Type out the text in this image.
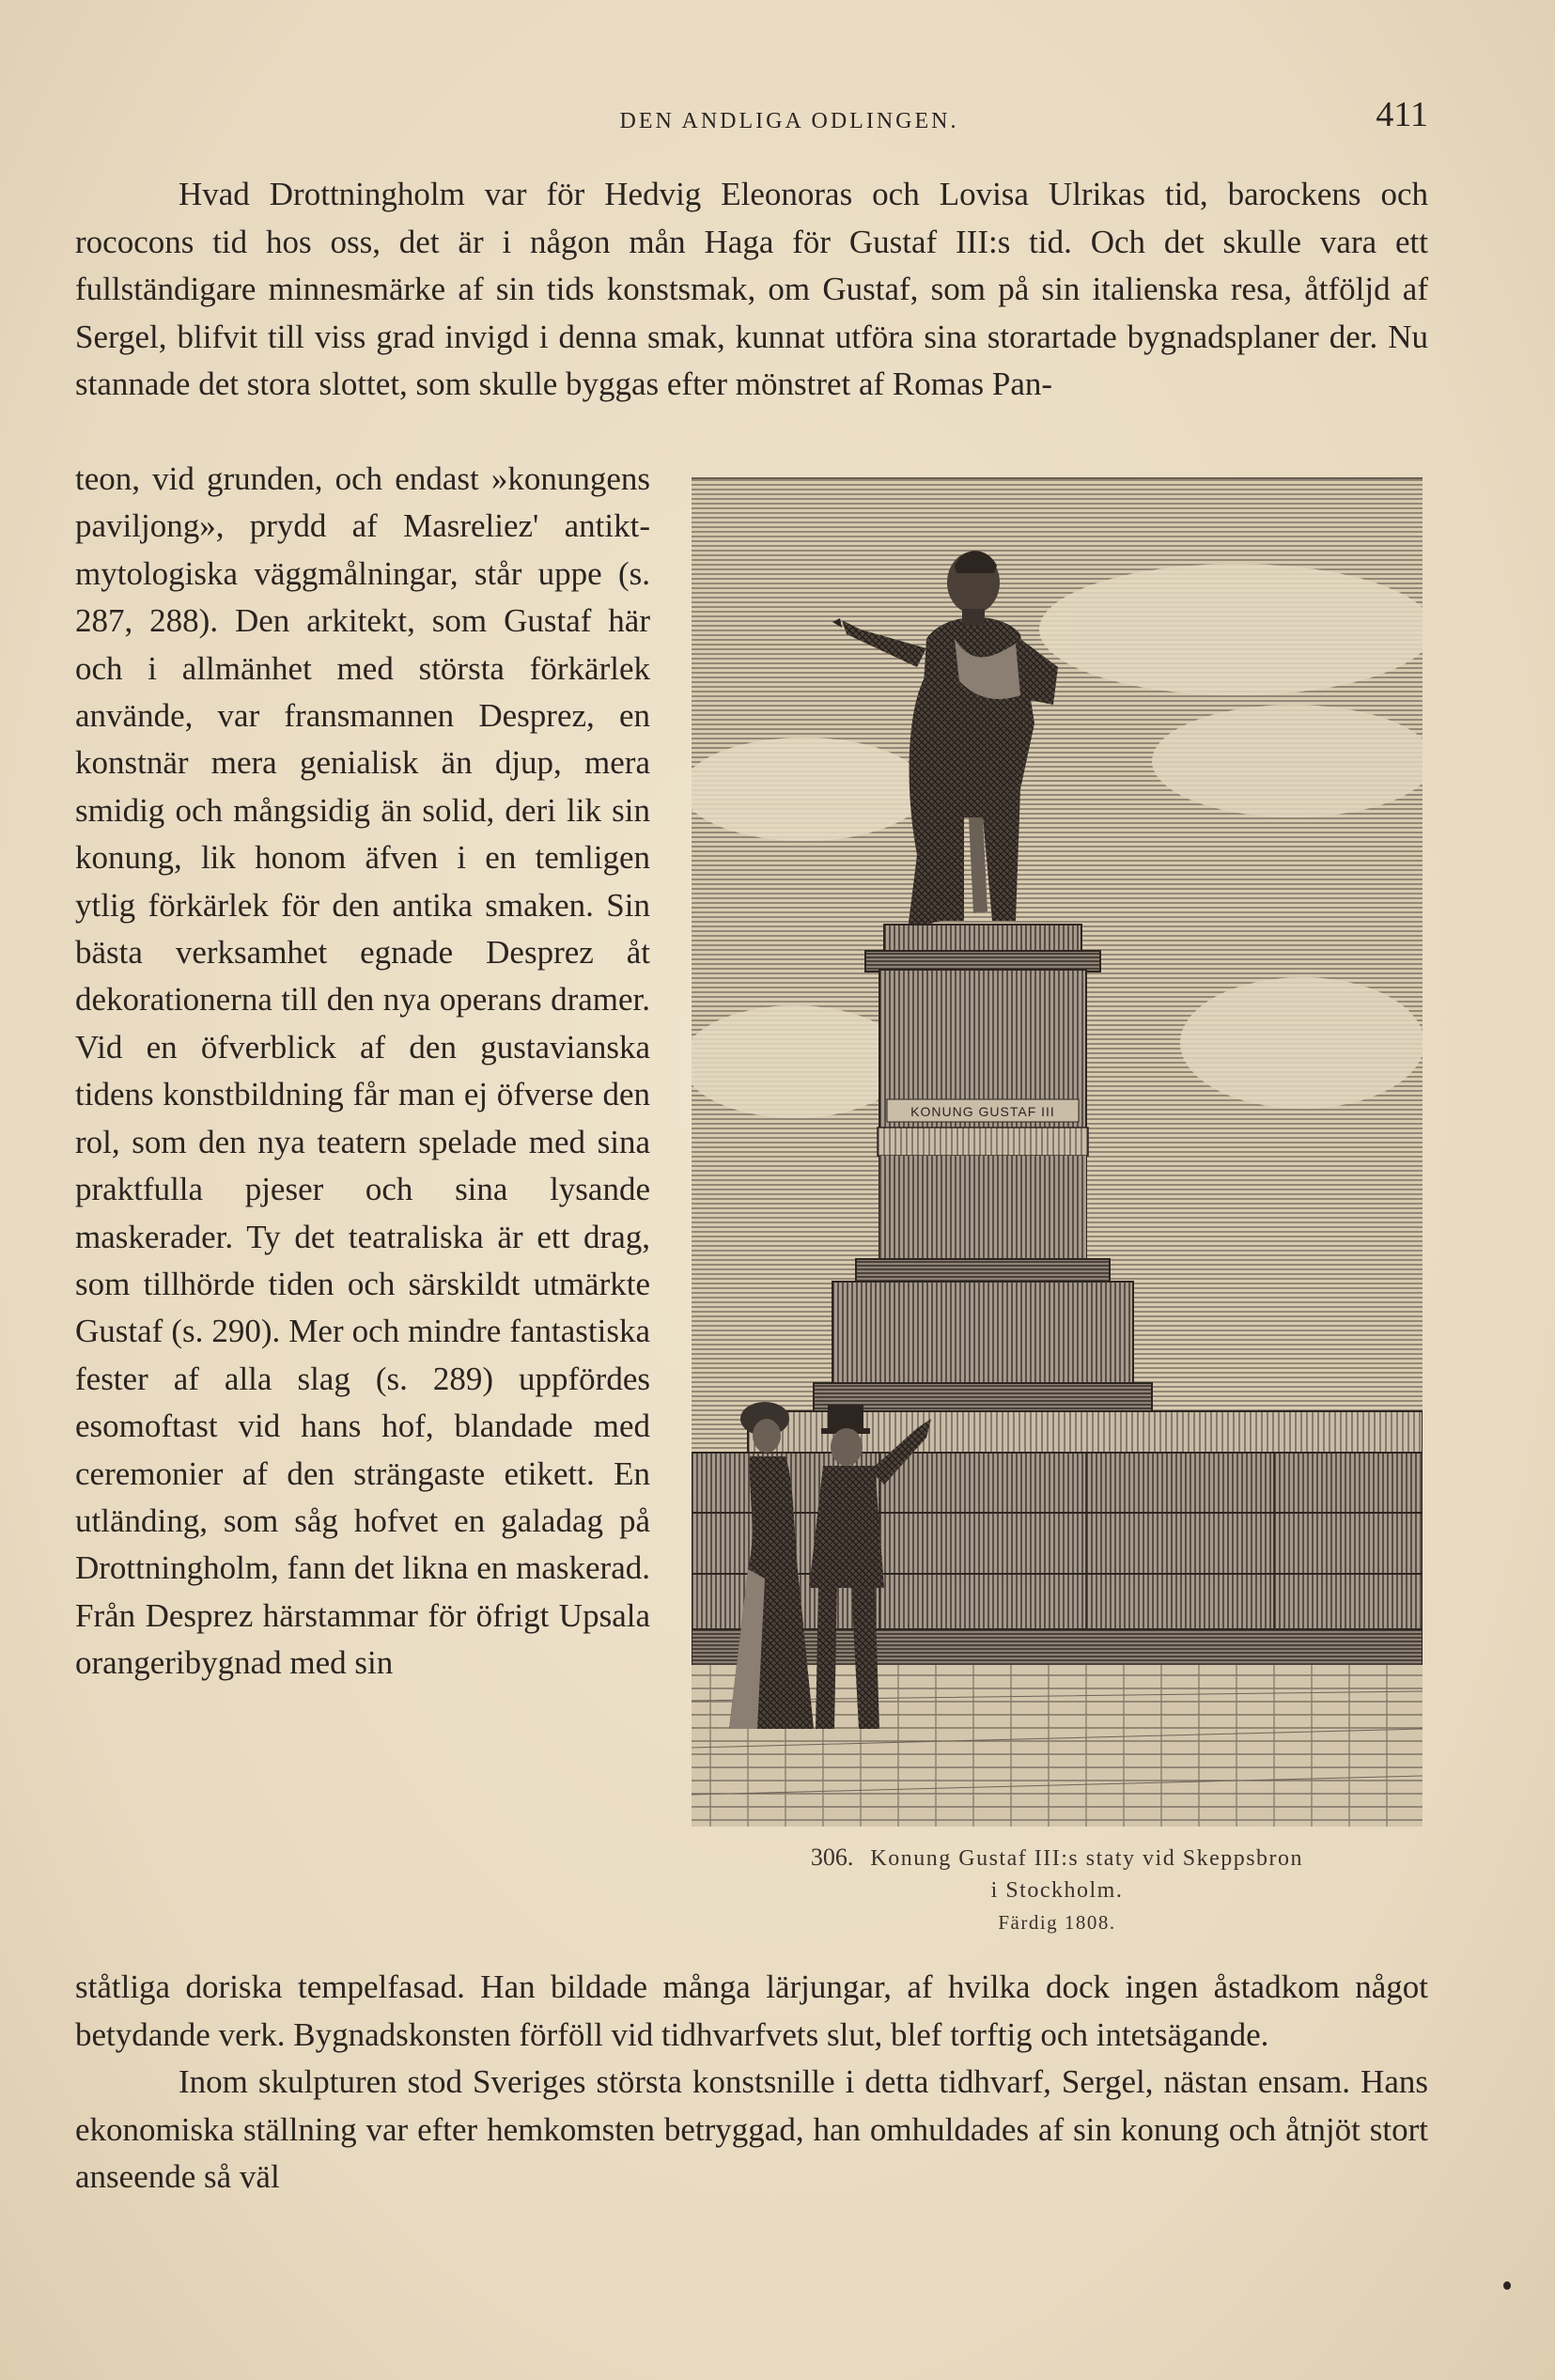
DEN ANDLIGA ODLINGEN.	411

Hvad Drottningholm var för Hedvig Eleonoras och Lovisa Ulrikas tid, barockens och rococons tid hos oss, det är i någon mån Haga för Gustaf III:s tid. Och det skulle vara ett fullständigare minnesmärke af sin tids konstsmak, om Gustaf, som på sin italienska resa, åtföljd af Sergel, blifvit till viss grad invigd i denna smak, kunnat utföra sina storartade bygnadsplaner der. Nu stannade det stora slottet, som skulle byggas efter mönstret af Romas Pan-

teon, vid grunden, och endast »konungens paviljong», prydd af Masreliez' antikt-mytologiska väggmålningar, står uppe (s. 287, 288). Den arkitekt, som Gustaf här och i allmänhet med största förkärlek använde, var fransmannen Desprez, en konstnär mera genialisk än djup, mera smidig och mångsidig än solid, deri lik sin konung, lik honom äfven i en temligen ytlig förkärlek för den antika smaken. Sin bästa verksamhet egnade Desprez åt dekorationerna till den nya operans dramer. Vid en öfverblick af den gustavianska tidens konstbildning får man ej öfverse den rol, som den nya teatern spelade med sina praktfulla pjeser och sina lysande maskerader. Ty det teatraliska är ett drag, som tillhörde tiden och särskildt utmärkte Gustaf (s. 290). Mer och mindre fantastiska fester af alla slag (s. 289) uppfördes esomoftast vid hans hof, blandade med ceremonier af den strängaste etikett. En utländing, som såg hofvet en galadag på Drottningholm, fann det likna en maskerad. Från Desprez härstammar för öfrigt Upsala orangeribygnad med sin

KONUNG GUSTAF III
306. Konung Gustaf III:s staty vid Skeppsbron
i Stockholm.
Färdig 1808.

ståtliga doriska tempelfasad. Han bildade många lärjungar, af hvilka dock ingen åstadkom något betydande verk. Bygnadskonsten förföll vid tidhvarfvets slut, blef torftig och intetsägande.

Inom skulpturen stod Sveriges största konstsnille i detta tidhvarf, Sergel, nästan ensam. Hans ekonomiska ställning var efter hemkomsten betryggad, han omhuldades af sin konung och åtnjöt stort anseende så väl
